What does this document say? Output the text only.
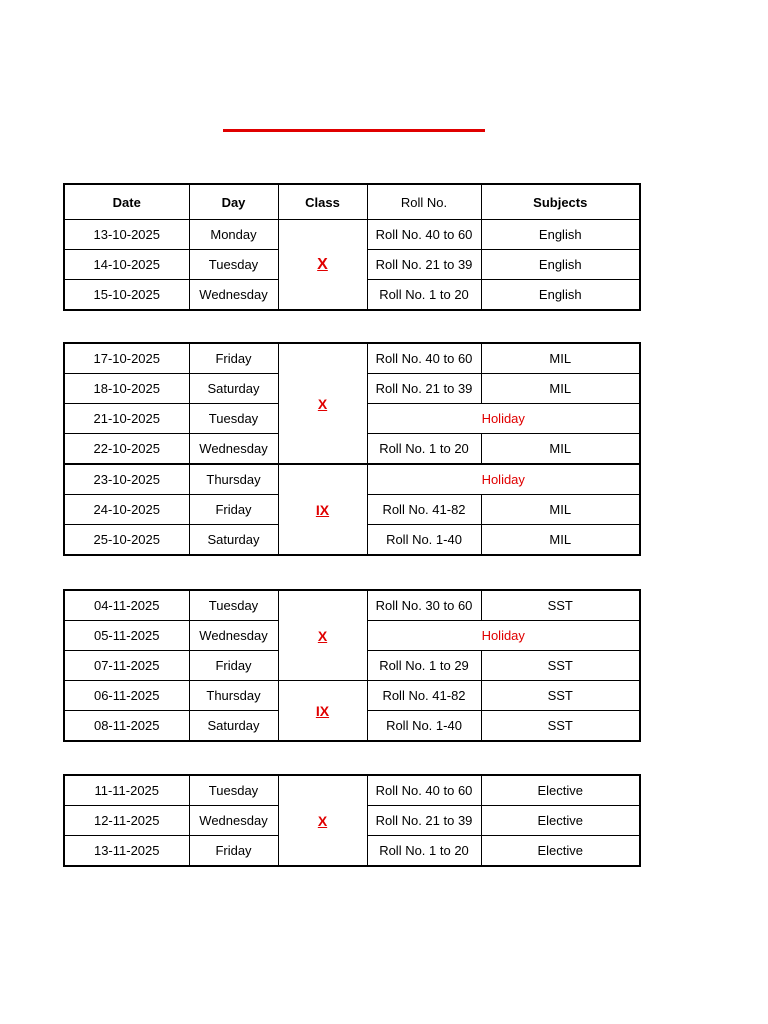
Date	Day	Class	Roll No.	Subjects
13-10-2025	Monday	X	Roll No. 40 to 60	English
14-10-2025	Tuesday		Roll No. 21 to 39	English
15-10-2025	Wednesday		Roll No. 1 to 20	English
17-10-2025	Friday	X	Roll No. 40 to 60	MIL
18-10-2025	Saturday		Roll No. 21 to 39	MIL
21-10-2025	Tuesday		Holiday	
22-10-2025	Wednesday		Roll No. 1 to 20	MIL
23-10-2025	Thursday	IX	Holiday	
24-10-2025	Friday		Roll No. 41-82	MIL
25-10-2025	Saturday		Roll No. 1-40	MIL
04-11-2025	Tuesday	X	Roll No. 30 to 60	SST
05-11-2025	Wednesday		Holiday	
07-11-2025	Friday		Roll No. 1 to 29	SST
06-11-2025	Thursday	IX	Roll No. 41-82	SST
08-11-2025	Saturday		Roll No. 1-40	SST
11-11-2025	Tuesday	X	Roll No. 40 to 60	Elective
12-11-2025	Wednesday		Roll No. 21 to 39	Elective
13-11-2025	Friday		Roll No. 1 to 20	Elective
